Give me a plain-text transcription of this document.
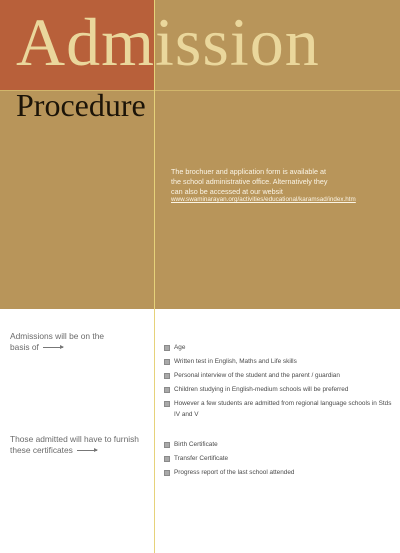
Admission
Procedure
The brochuer and application form is available at
the school administrative office. Alternatively they
can also be accessed at our websit
www.swaminarayan.org/activities/educational/karamsad/index.htm
Admissions will be on the
basis of	Age
Written test in English, Maths and Life skills
Personal interview of the student and the parent / guardian
Children studying in English-medium schools will be preferred
However a few students are admitted from regional language schools in Stds IV and V
Those admitted will have to furnish
these certificates
Birth Certificate
Transfer Certificate
Progress report of the last school attended
